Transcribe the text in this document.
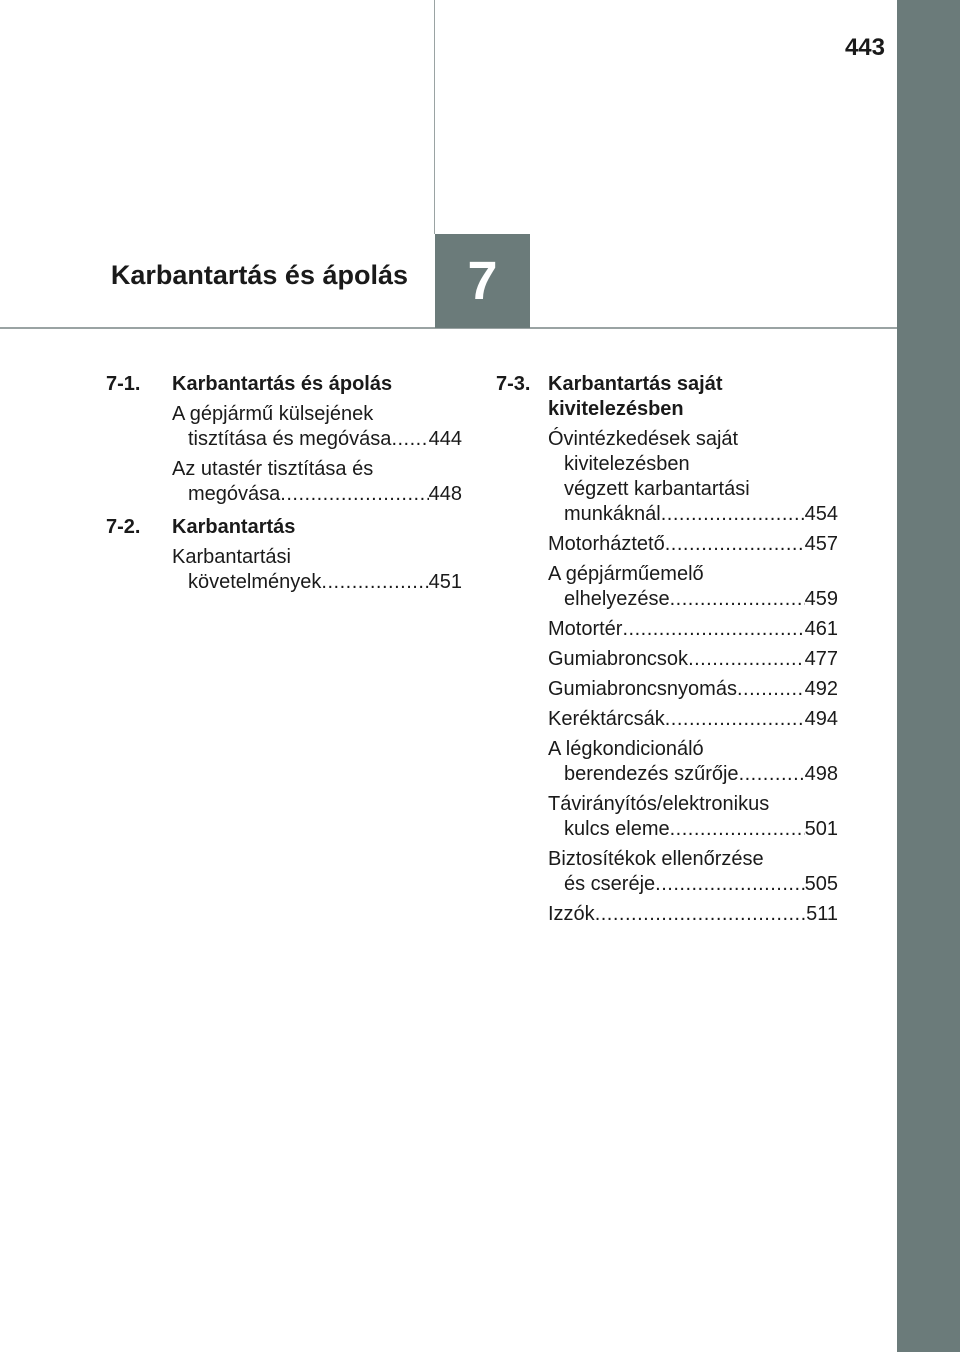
443
7
Karbantartás és ápolás
7-1.	Karbantartás és ápolás
A gépjármű külsejének
tisztítása és megóvása ..... 444
Az utastér tisztítása és
megóvása .....	448
7-2.	Karbantartás
Karbantartási
követelmények .....	451
7-3. Karbantartás saját kivitelezésben
Óvintézkedések saját
kivitelezésben
végzett karbantartási
munkáknál .....	454
Motorháztető .....	457
A gépjárműemelő
elhelyezése .....	459
Motortér .....	461
Gumiabroncsok .....	477
Gumiabroncsnyomás .....	492
Keréktárcsák .....	494
A légkondicionáló
berendezés szűrője .....	498
Távirányítós/elektronikus
kulcs eleme .....	501
Biztosítékok ellenőrzése
és cseréje .....	505
Izzók .....	511
